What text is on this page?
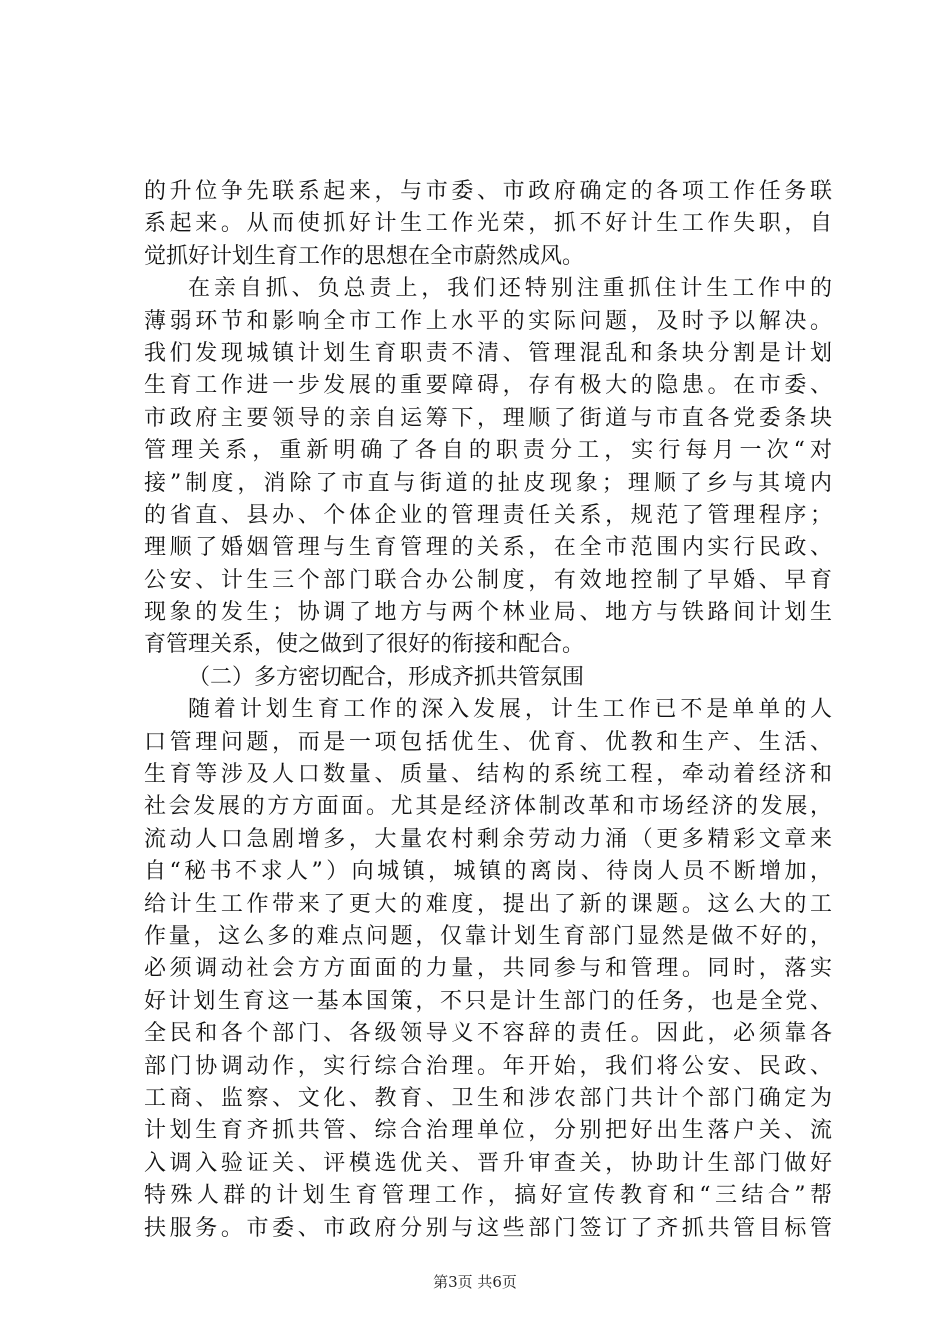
的升位争先联系起来，与市委、市政府确定的各项工作任务联
系起来。从而使抓好计生工作光荣，抓不好计生工作失职，自
觉抓好计划生育工作的思想在全市蔚然成风。
在亲自抓、负总责上，我们还特别注重抓住计生工作中的
薄弱环节和影响全市工作上水平的实际问题，及时予以解决。
我们发现城镇计划生育职责不清、管理混乱和条块分割是计划
生育工作进一步发展的重要障碍，存有极大的隐患。在市委、
市政府主要领导的亲自运筹下，理顺了街道与市直各党委条块
管理关系，重新明确了各自的职责分工，实行每月一次“对
接”制度，消除了市直与街道的扯皮现象；理顺了乡与其境内
的省直、县办、个体企业的管理责任关系，规范了管理程序；
理顺了婚姻管理与生育管理的关系，在全市范围内实行民政、
公安、计生三个部门联合办公制度，有效地控制了早婚、早育
现象的发生；协调了地方与两个林业局、地方与铁路间计划生
育管理关系，使之做到了很好的衔接和配合。
（二）多方密切配合，形成齐抓共管氛围
随着计划生育工作的深入发展，计生工作已不是单单的人
口管理问题，而是一项包括优生、优育、优教和生产、生活、
生育等涉及人口数量、质量、结构的系统工程，牵动着经济和
社会发展的方方面面。尤其是经济体制改革和市场经济的发展，
流动人口急剧增多，大量农村剩余劳动力涌（更多精彩文章来
自“秘书不求人”）向城镇，城镇的离岗、待岗人员不断增加，
给计生工作带来了更大的难度，提出了新的课题。这么大的工
作量，这么多的难点问题，仅靠计划生育部门显然是做不好的，
必须调动社会方方面面的力量，共同参与和管理。同时，落实
好计划生育这一基本国策，不只是计生部门的任务，也是全党、
全民和各个部门、各级领导义不容辞的责任。因此，必须靠各
部门协调动作，实行综合治理。年开始，我们将公安、民政、
工商、监察、文化、教育、卫生和涉农部门共计个部门确定为
计划生育齐抓共管、综合治理单位，分别把好出生落户关、流
入调入验证关、评模选优关、晋升审查关，协助计生部门做好
特殊人群的计划生育管理工作，搞好宣传教育和“三结合”帮
扶服务。市委、市政府分别与这些部门签订了齐抓共管目标管
第3页 共6页
